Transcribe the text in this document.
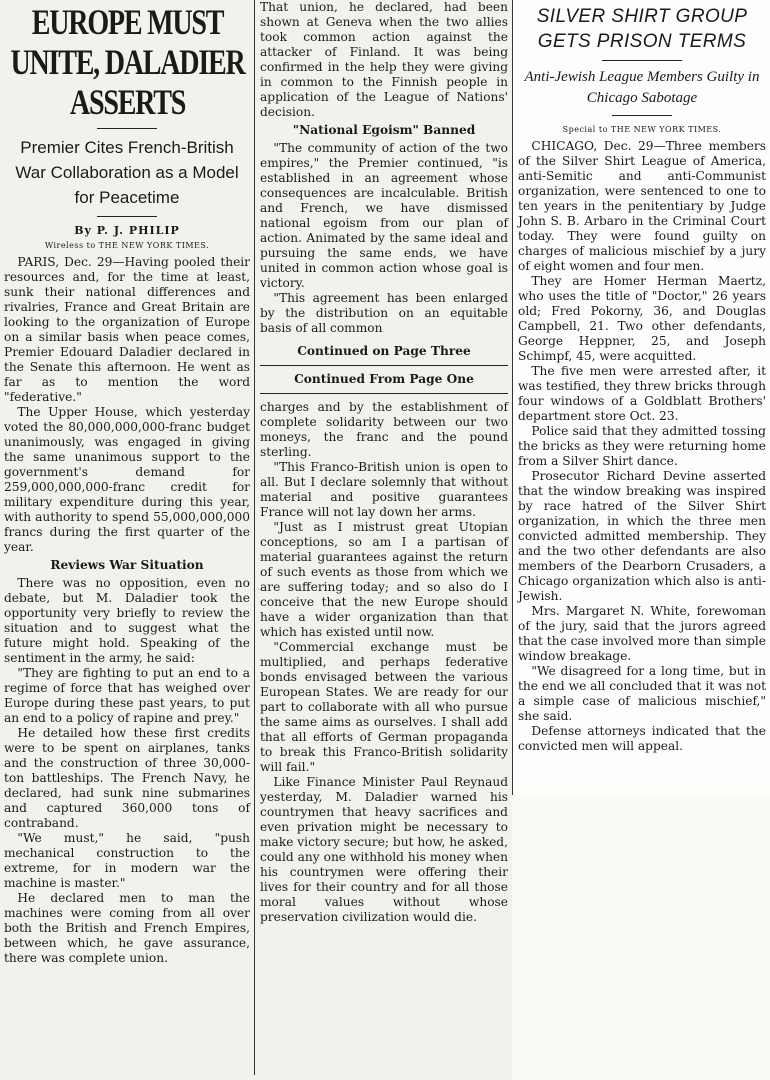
EUROPE MUST UNITE, DALADIER ASSERTS
Premier Cites French-British War Collaboration as a Model for Peacetime
By P. J. PHILIP
Wireless to THE NEW YORK TIMES.

PARIS, Dec. 29—Having pooled their resources and, for the time at least, sunk their national differences and rivalries, France and Great Britain are looking to the organization of Europe on a similar basis when peace comes, Premier Edouard Daladier declared in the Senate this afternoon. He went as far as to mention the word "federative."

The Upper House, which yesterday voted the 80,000,000,000-franc budget unanimously, was engaged in giving the same unanimous support to the government's demand for 259,000,000,000-franc credit for military expenditure during this year, with authority to spend 55,000,000,000 francs during the first quarter of the year.

Reviews War Situation

There was no opposition, even no debate, but M. Daladier took the opportunity very briefly to review the situation and to suggest what the future might hold. Speaking of the sentiment in the army, he said:

"They are fighting to put an end to a regime of force that has weighed over Europe during these past years, to put an end to a policy of rapine and prey."

He detailed how these first credits were to be spent on airplanes, tanks and the construction of three 30,000-ton battleships. The French Navy, he declared, had sunk nine submarines and captured 360,000 tons of contraband.

"We must," he said, "push mechanical construction to the extreme, for in modern war the machine is master."

He declared men to man the machines were coming from all over both the British and French Empires, between which, he gave assurance, there was complete union.

That union, he declared, had been shown at Geneva when the two allies took common action against the attacker of Finland. It was being confirmed in the help they were giving in common to the Finnish people in application of the League of Nations' decision.

"National Egoism" Banned

"The community of action of the two empires," the Premier continued, "is established in an agreement whose consequences are incalculable. British and French, we have dismissed national egoism from our plan of action. Animated by the same ideal and pursuing the same ends, we have united in common action whose goal is victory.

"This agreement has been enlarged by the distribution on an equitable basis of all common

Continued on Page Three

Continued From Page One

charges and by the establishment of complete solidarity between our two moneys, the franc and the pound sterling.

"This Franco-British union is open to all. But I declare solemnly that without material and positive guarantees France will not lay down her arms.

"Just as I mistrust great Utopian conceptions, so am I a partisan of material guarantees against the return of such events as those from which we are suffering today; and so also do I conceive that the new Europe should have a wider organization than that which has existed until now.

"Commercial exchange must be multiplied, and perhaps federative bonds envisaged between the various European States. We are ready for our part to collaborate with all who pursue the same aims as ourselves. I shall add that all efforts of German propaganda to break this Franco-British solidarity will fail."

Like Finance Minister Paul Reynaud yesterday, M. Daladier warned his countrymen that heavy sacrifices and even privation might be necessary to make victory secure; but how, he asked, could any one withhold his money when his countrymen were offering their lives for their country and for all those moral values without whose preservation civilization would die.

SILVER SHIRT GROUP GETS PRISON TERMS
Anti-Jewish League Members Guilty in Chicago Sabotage
Special to THE NEW YORK TIMES.

CHICAGO, Dec. 29—Three members of the Silver Shirt League of America, anti-Semitic and anti-Communist organization, were sentenced to one to ten years in the penitentiary by Judge John S. B. Arbaro in the Criminal Court today. They were found guilty on charges of malicious mischief by a jury of eight women and four men.

They are Homer Herman Maertz, who uses the title of "Doctor," 26 years old; Fred Pokorny, 36, and Douglas Campbell, 21. Two other defendants, George Heppner, 25, and Joseph Schimpf, 45, were acquitted.

The five men were arrested after, it was testified, they threw bricks through four windows of a Goldblatt Brothers' department store Oct. 23.

Police said that they admitted tossing the bricks as they were returning home from a Silver Shirt dance.

Prosecutor Richard Devine asserted that the window breaking was inspired by race hatred of the Silver Shirt organization, in which the three men convicted admitted membership. They and the two other defendants are also members of the Dearborn Crusaders, a Chicago organization which also is anti-Jewish.

Mrs. Margaret N. White, forewoman of the jury, said that the jurors agreed that the case involved more than simple window breakage.

"We disagreed for a long time, but in the end we all concluded that it was not a simple case of malicious mischief," she said.

Defense attorneys indicated that the convicted men will appeal.
